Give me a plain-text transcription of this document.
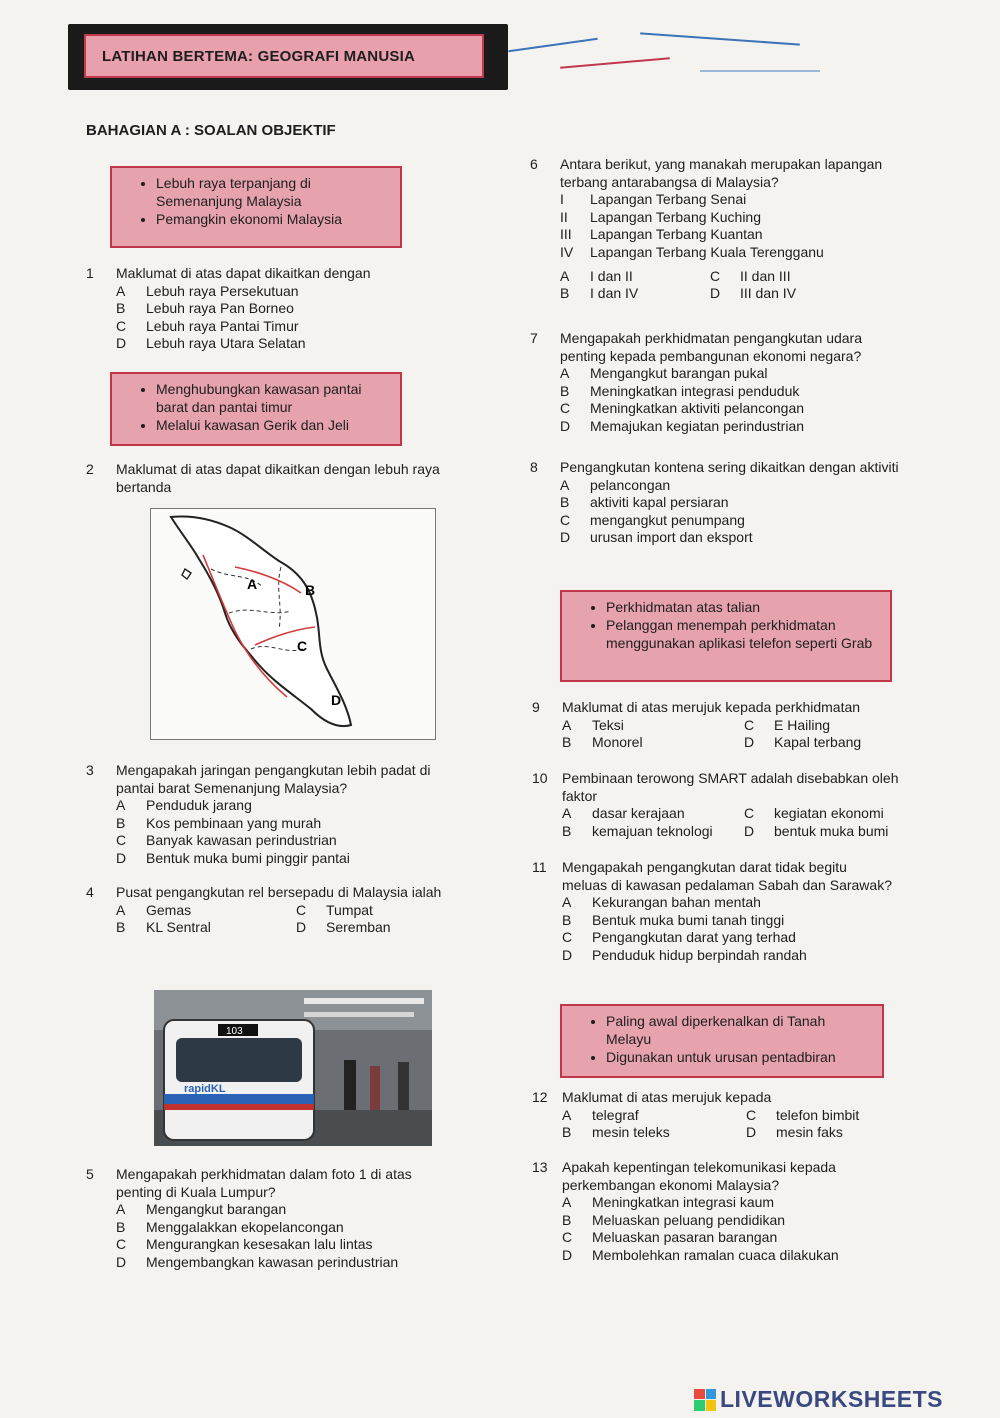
LATIHAN BERTEMA: GEOGRAFI MANUSIA
BAHAGIAN A : SOALAN OBJEKTIF
• Lebuh raya terpanjang di Semenanjung Malaysia
• Pemangkin ekonomi Malaysia
1	Maklumat di atas dapat dikaitkan dengan
A	Lebuh raya Persekutuan
B	Lebuh raya Pan Borneo
C	Lebuh raya Pantai Timur
D	Lebuh raya Utara Selatan
• Menghubungkan kawasan pantai barat dan pantai timur
• Melalui kawasan Gerik dan Jeli
2	Maklumat di atas dapat dikaitkan dengan lebuh raya bertanda
A	B
C
D
3	Mengapakah jaringan pengangkutan lebih padat di pantai barat Semenanjung Malaysia?
A	Penduduk jarang
B	Kos pembinaan yang murah
C	Banyak kawasan perindustrian
D	Bentuk muka bumi pinggir pantai
4	Pusat pengangkutan rel bersepadu di Malaysia ialah
A	Gemas	C	Tumpat
B	KL Sentral	D	Seremban
103
rapidKL
5	Mengapakah perkhidmatan dalam foto 1 di atas penting di Kuala Lumpur?
A	Mengangkut barangan
B	Menggalakkan ekopelancongan
C	Mengurangkan kesesakan lalu lintas
D	Mengembangkan kawasan perindustrian
6	Antara berikut, yang manakah merupakan lapangan terbang antarabangsa di Malaysia?
I	Lapangan Terbang Senai
II	Lapangan Terbang Kuching
III	Lapangan Terbang Kuantan
IV	Lapangan Terbang Kuala Terengganu
A	I dan II	C	II dan III
B	I dan IV	D	III dan IV
7	Mengapakah perkhidmatan pengangkutan udara penting kepada pembangunan ekonomi negara?
A	Mengangkut barangan pukal
B	Meningkatkan integrasi penduduk
C	Meningkatkan aktiviti pelancongan
D	Memajukan kegiatan perindustrian
8	Pengangkutan kontena sering dikaitkan dengan aktiviti
A	pelancongan
B	aktiviti kapal persiaran
C	mengangkut penumpang
D	urusan import dan eksport
• Perkhidmatan atas talian
• Pelanggan menempah perkhidmatan menggunakan aplikasi telefon seperti Grab
9	Maklumat di atas merujuk kepada perkhidmatan
A	Teksi	C	E Hailing
B	Monorel	D	Kapal terbang
10	Pembinaan terowong SMART adalah disebabkan oleh faktor
A	dasar kerajaan	C	kegiatan ekonomi
B	kemajuan teknologi D	bentuk muka bumi
11	Mengapakah pengangkutan darat tidak begitu meluas di kawasan pedalaman Sabah dan Sarawak?
A	Kekurangan bahan mentah
B	Bentuk muka bumi tanah tinggi
C	Pengangkutan darat yang terhad
D	Penduduk hidup berpindah randah
• Paling awal diperkenalkan di Tanah Melayu
• Digunakan untuk urusan pentadbiran
12	Maklumat di atas merujuk kepada
A	telegraf	C	telefon bimbit
B	mesin teleks	D	mesin faks
13	Apakah kepentingan telekomunikasi kepada perkembangan ekonomi Malaysia?
A	Meningkatkan integrasi kaum
B	Meluaskan peluang pendidikan
C	Meluaskan pasaran barangan
D	Membolehkan ramalan cuaca dilakukan
LIVEWORKSHEETS
